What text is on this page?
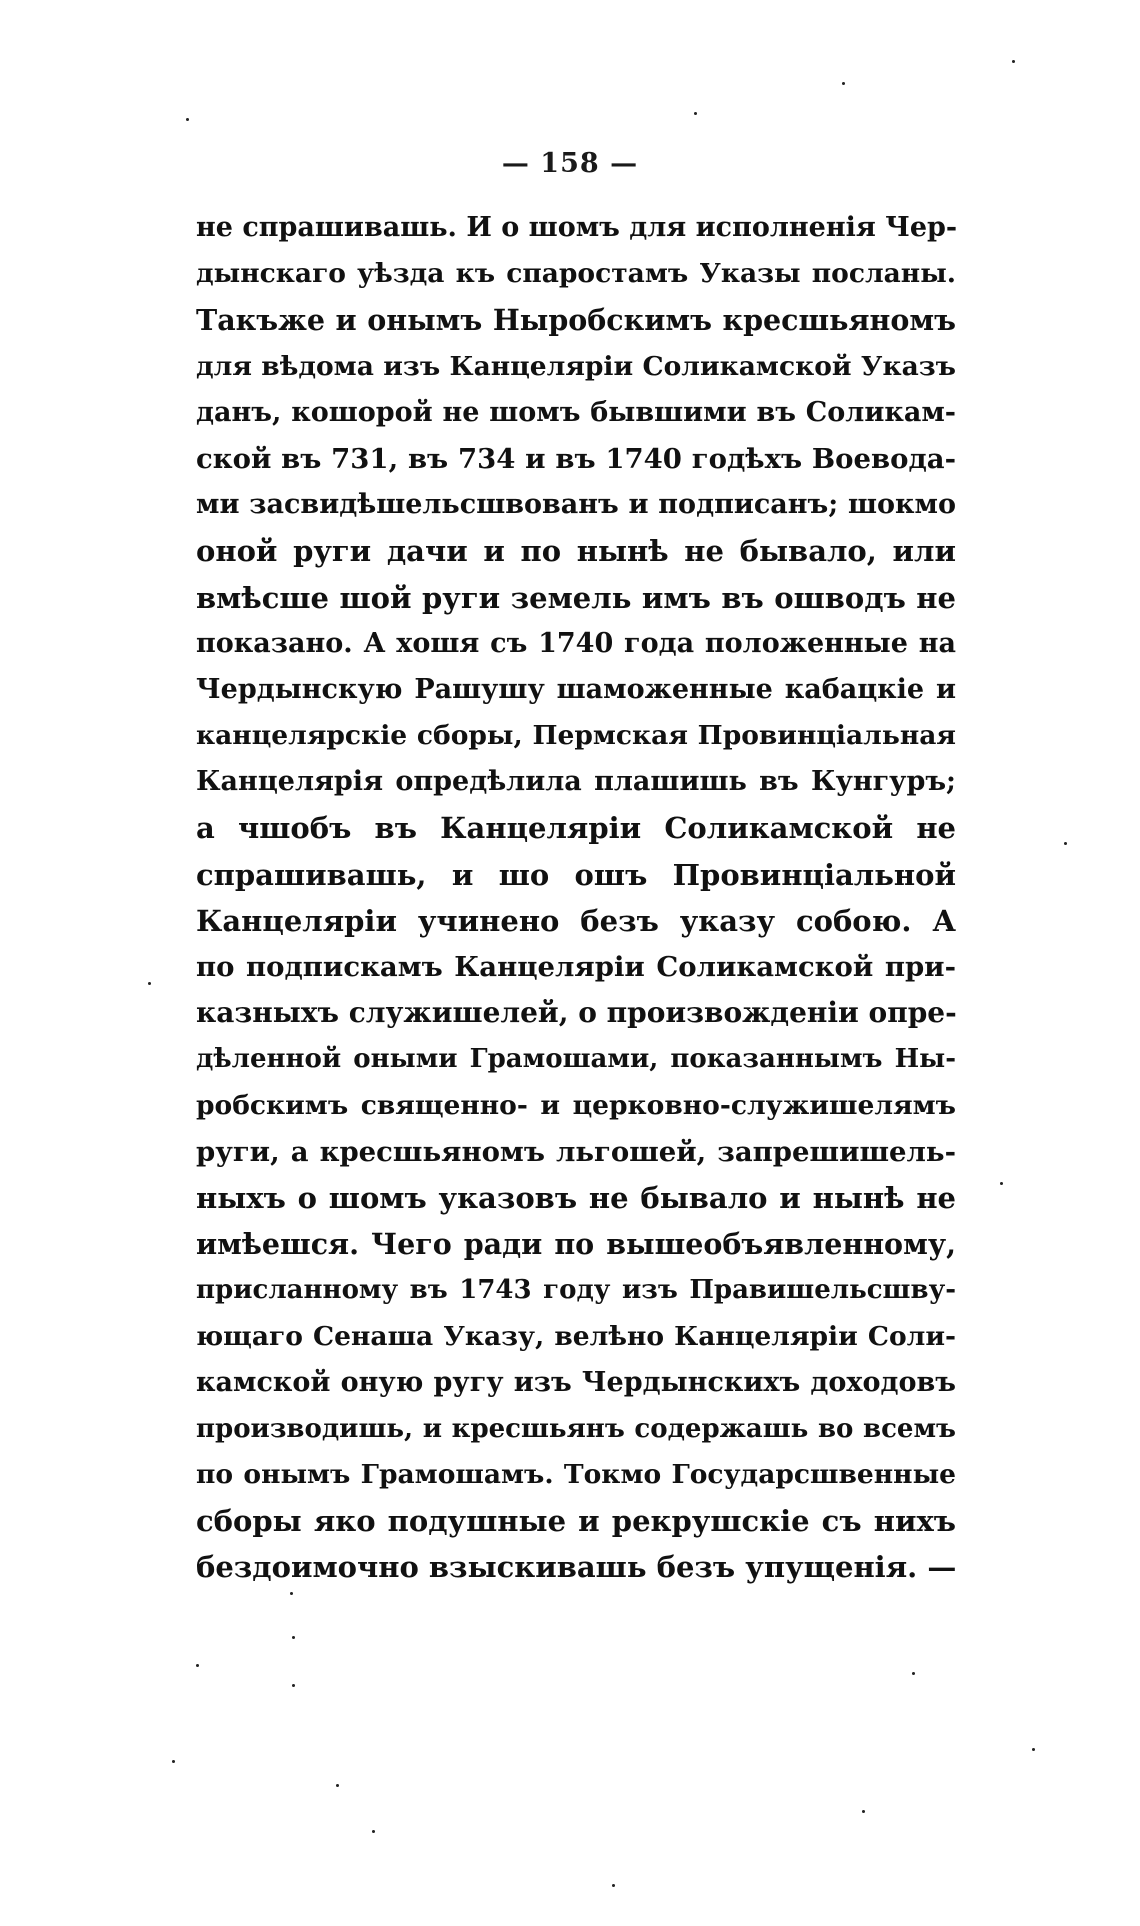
— 158 —
не спрашивашь. И о шомъ для исполненія Чер-
дынскаго уѣзда къ спаростамъ Указы посланы.
Такъже и онымъ Ныробскимъ кресшьяномъ
для вѣдома изъ Канцеляріи Соликамской Указъ
данъ, кошорой не шомъ бывшими въ Соликам-
ской въ 731, въ 734 и въ 1740 годѣхъ Воевода-
ми засвидѣшельсшвованъ и подписанъ; шокмо
оной руги дачи и по нынѣ не бывало, или
вмѣсше шой руги земель имъ въ ошводъ не
показано. А хошя съ 1740 года положенные на
Чердынскую Рашушу шаможенные кабацкіе и
канцелярскіе сборы, Пермская Провинціальная
Канцелярія опредѣлила плашишь въ Кунгуръ;
а чшобъ въ Канцеляріи Соликамской не
спрашивашь, и шо ошъ Провинціальной
Канцеляріи учинено безъ указу собою. А
по подпискамъ Канцеляріи Соликамской при-
казныхъ служишелей, о произвожденіи опре-
дѣленной оными Грамошами, показаннымъ Ны-
робскимъ священно- и церковно-служишелямъ
руги, а кресшьяномъ льгошей, запрешишель-
ныхъ о шомъ указовъ не бывало и нынѣ не
имѣешся. Чего ради по вышеобъявленному,
присланному въ 1743 году изъ Правишельсшву-
ющаго Сенаша Указу, велѣно Канцеляріи Соли-
камской оную ругу изъ Чердынскихъ доходовъ
производишь, и кресшьянъ содержашь во всемъ
по онымъ Грамошамъ. Токмо Государсшвенные
сборы яко подушные и рекрушскіе съ нихъ
бездоимочно взыскивашь безъ упущенія. —
